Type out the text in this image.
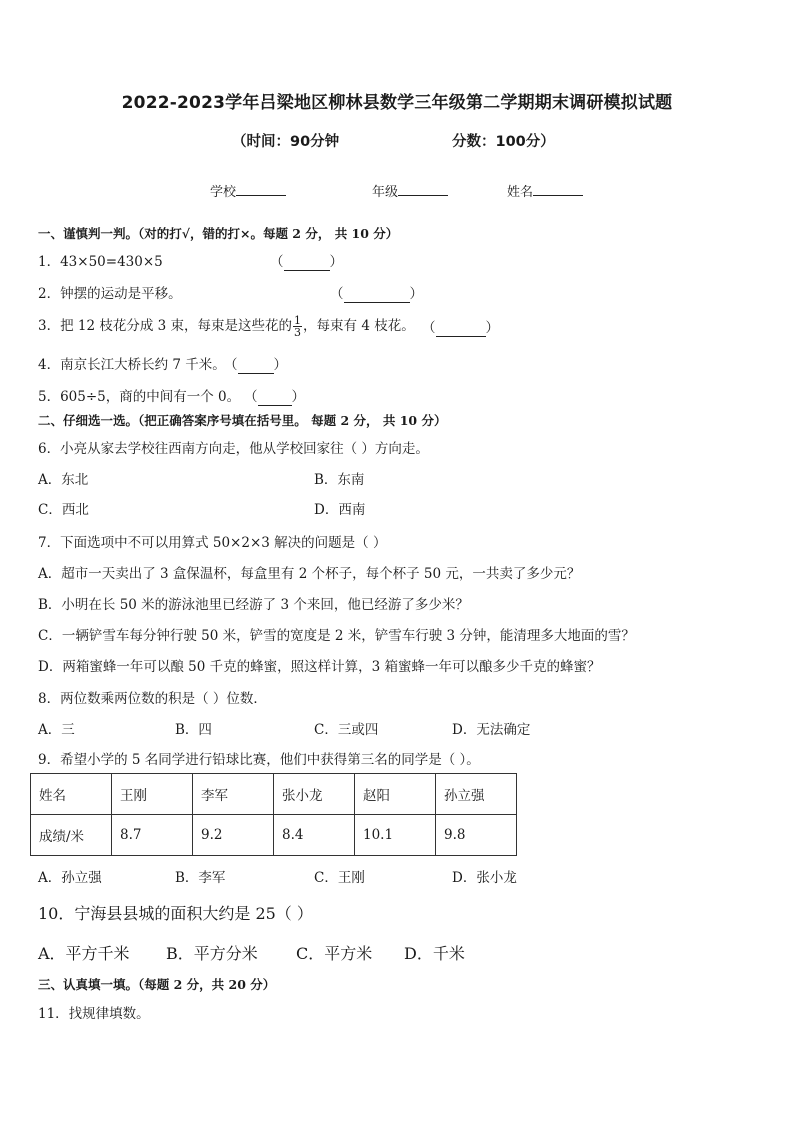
2022-2023学年吕梁地区柳林县数学三年级第二学期期末调研模拟试题
（时间：90分钟	分数：100分）
学校	年级	姓名
一、谨慎判一判。（对的打√，错的打×。每题 2 分， 共 10 分）
1．43×50=430×5	（	）
2．钟摆的运动是平移。	（	）
3．把 12 枝花分成 3 束，每束是这些花的 $\frac{1}{3}$ ，每束有 4 枝花。 （	）
4．南京长江大桥长约 7 千米。
（	）
5．605÷5，商的中间有一个 0。 （	）
二、仔细选一选。（把正确答案序号填在括号里。 每题 2 分， 共 10 分）
6．小亮从家去学校往西南方向走，他从学校回家往（ ）方向走。
A．东北	B．东南
C．西北	D．西南
7．下面选项中不可以用算式 50×2×3 解决的问题是（ ）
A．超市一天卖出了 3 盒保温杯，每盒里有 2 个杯子，每个杯子 50 元，一共卖了多少元？
B．小明在长 50 米的游泳池里已经游了 3 个来回，他已经游了多少米？
C．一辆铲雪车每分钟行驶 50 米，铲雪的宽度是 2 米，铲雪车行驶 3 分钟，能清理多大地面的雪？
D．两箱蜜蜂一年可以酿 50 千克的蜂蜜，照这样计算，3 箱蜜蜂一年可以酿多少千克的蜂蜜？
8．两位数乘两位数的积是（ ）位数．
A．三	B．四	C．三或四	D．无法确定
9．希望小学的 5 名同学进行铅球比赛，他们中获得第三名的同学是（ ）。
姓名	王刚	李军	张小龙	赵阳	孙立强
成绩/米	8.7	9.2	8.4	10.1	9.8
A．孙立强	B．李军	C．王刚	D．张小龙
10．宁海县县城的面积大约是 25（ ）
A．平方千米 B．平方分米 C．平方米 D．千米
三、认真填一填。（每题 2 分，共 20 分）
11．找规律填数。
